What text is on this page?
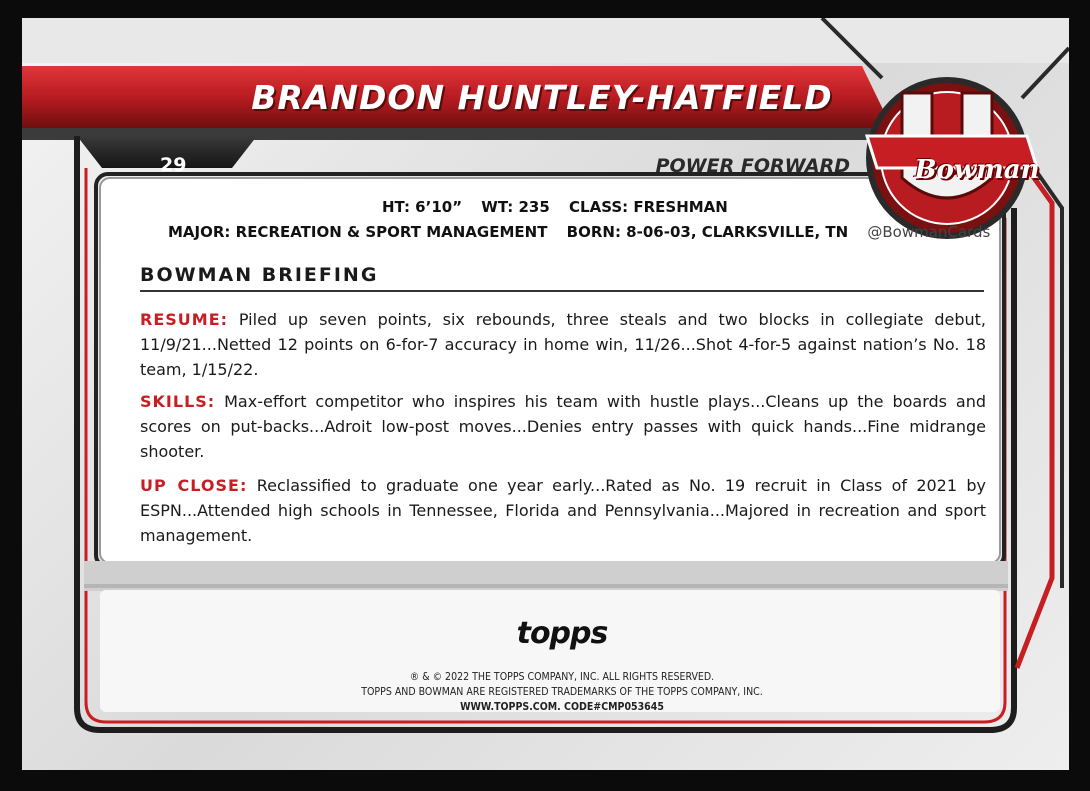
BRANDON HUNTLEY-HATFIELD
29	POWER FORWARD	Bowman
HT: 6’10” WT: 235 CLASS: FRESHMAN
MAJOR: RECREATION & SPORT MANAGEMENT BORN: 8-06-03, CLARKSVILLE, TN @BowmanCards
BOWMAN BRIEFING
RESUME: Piled up seven points, six rebounds, three steals and two blocks in collegiate debut, 11/9/21...Netted 12 points on 6-for-7 accuracy in home win, 11/26...Shot 4-for-5 against nation’s No. 18 team, 1/15/22.
SKILLS: Max-effort competitor who inspires his team with hustle plays...Cleans up the boards and scores on put-backs...Adroit low-post moves...Denies entry passes with quick hands...Fine midrange shooter.
UP CLOSE: Reclassified to graduate one year early...Rated as No. 19 recruit in Class of 2021 by ESPN...Attended high schools in Tennessee, Florida and Pennsylvania...Majored in recreation and sport management.
topps
® & © 2022 THE TOPPS COMPANY, INC. ALL RIGHTS RESERVED.
TOPPS AND BOWMAN ARE REGISTERED TRADEMARKS OF THE TOPPS COMPANY, INC.
WWW.TOPPS.COM. CODE#CMP053645
